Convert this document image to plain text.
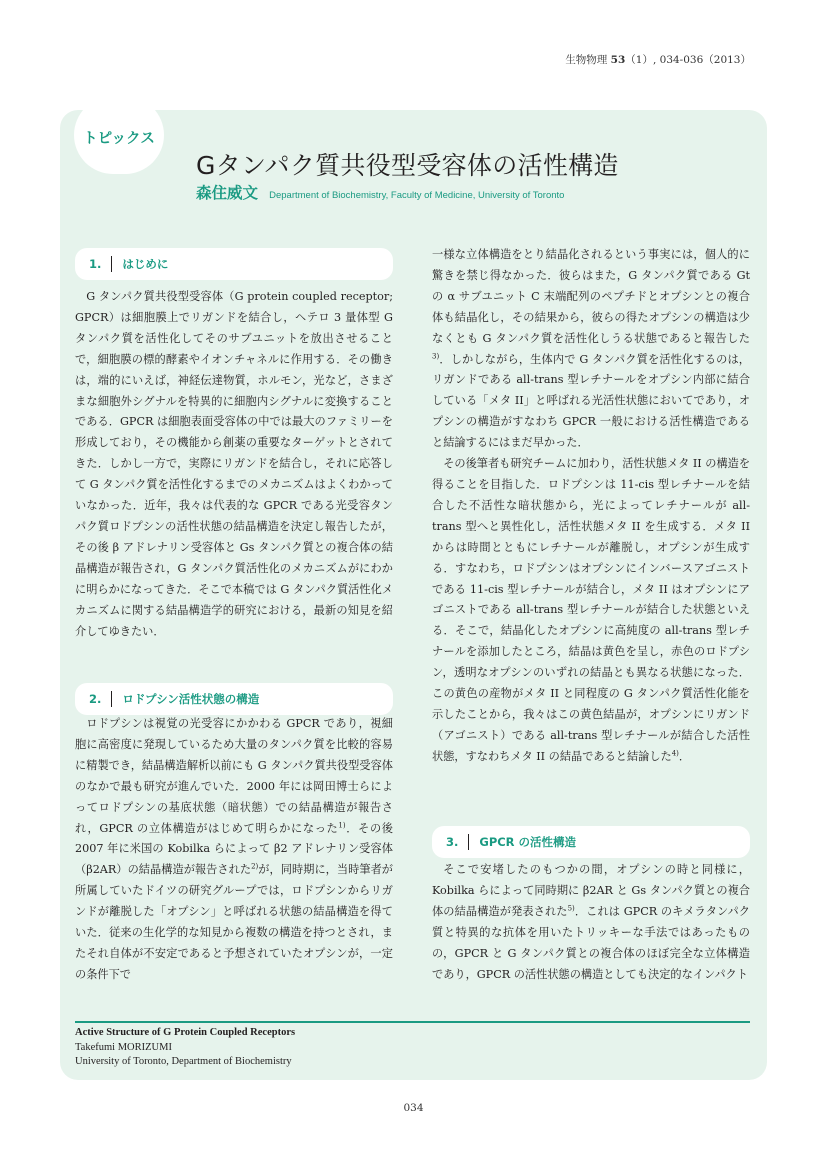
生物物理 53（1）, 034-036（2013）
トピックス
Gタンパク質共役型受容体の活性構造
森住威文 Department of Biochemistry, Faculty of Medicine, University of Toronto
1. はじめに
2. ロドプシン活性状態の構造
3. GPCR の活性構造

G タンパク質共役型受容体（G protein coupled receptor; GPCR）は細胞膜上でリガンドを結合し，ヘテロ 3 量体型 G タンパク質を活性化してそのサブユニットを放出させることで，細胞膜の標的酵素やイオンチャネルに作用する．その働きは，端的にいえば，神経伝達物質，ホルモン，光など，さまざまな細胞外シグナルを特異的に細胞内シグナルに変換することである．GPCR は細胞表面受容体の中では最大のファミリーを形成しており，その機能から創薬の重要なターゲットとされてきた．しかし一方で，実際にリガンドを結合し，それに応答して G タンパク質を活性化するまでのメカニズムはよくわかっていなかった．近年，我々は代表的な GPCR である光受容タンパク質ロドプシンの活性状態の結晶構造を決定し報告したが，その後 β アドレナリン受容体と Gs タンパク質との複合体の結晶構造が報告され，G タンパク質活性化のメカニズムがにわかに明らかになってきた．そこで本稿では G タンパク質活性化メカニズムに関する結晶構造学的研究における，最新の知見を紹介してゆきたい．

ロドプシンは視覚の光受容にかかわる GPCR であり，視細胞に高密度に発現しているため大量のタンパク質を比較的容易に精製でき，結晶構造解析以前にも G タンパク質共役型受容体のなかで最も研究が進んでいた．2000 年には岡田博士らによってロドプシンの基底状態（暗状態）での結晶構造が報告され，GPCR の立体構造がはじめて明らかになった$^{1)}$．その後 2007 年に米国の Kobilka らによって β2 アドレナリン受容体（β2AR）の結晶構造が報告された$^{2)}$が，同時期に，当時筆者が所属していたドイツの研究グループでは，ロドプシンからリガンドが離脱した「オプシン」と呼ばれる状態の結晶構造を得ていた．従来の生化学的な知見から複数の構造を持つとされ，またそれ自体が不安定であると予想されていたオプシンが，一定の条件下で

一様な立体構造をとり結晶化されるという事実には，個人的に驚きを禁じ得なかった．彼らはまた，G タンパク質である Gt の α サブユニット C 末端配列のペプチドとオプシンとの複合体も結晶化し，その結果から，彼らの得たオプシンの構造は少なくとも G タンパク質を活性化しうる状態であると報告した$^{3)}$．しかしながら，生体内で G タンパク質を活性化するのは，リガンドである all-trans 型レチナールをオプシン内部に結合している「メタ II」と呼ばれる光活性状態においてであり，オプシンの構造がすなわち GPCR 一般における活性構造であると結論するにはまだ早かった．

その後筆者も研究チームに加わり，活性状態メタ II の構造を得ることを目指した．ロドプシンは 11-cis 型レチナールを結合した不活性な暗状態から，光によってレチナールが all-trans 型へと異性化し，活性状態メタ II を生成する．メタ II からは時間とともにレチナールが離脱し，オプシンが生成する．すなわち，ロドプシンはオプシンにインバースアゴニストである 11-cis 型レチナールが結合し，メタ II はオプシンにアゴニストである all-trans 型レチナールが結合した状態といえる．そこで，結晶化したオプシンに高純度の all-trans 型レチナールを添加したところ，結晶は黄色を呈し，赤色のロドプシン，透明なオプシンのいずれの結晶とも異なる状態になった．この黄色の産物がメタ II と同程度の G タンパク質活性化能を示したことから，我々はこの黄色結晶が，オプシンにリガンド（アゴニスト）である all-trans 型レチナールが結合した活性状態，すなわちメタ II の結晶であると結論した$^{4)}$．

そこで安堵したのもつかの間，オプシンの時と同様に，Kobilka らによって同時期に β2AR と Gs タンパク質との複合体の結晶構造が発表された$^{5)}$．これは GPCR のキメラタンパク質と特異的な抗体を用いたトリッキーな手法ではあったものの，GPCR と G タンパク質との複合体のほぼ完全な立体構造であり，GPCR の活性状態の構造としても決定的なインパクト

Active Structure of G Protein Coupled Receptors
Takefumi MORIZUMI
University of Toronto, Department of Biochemistry
034
